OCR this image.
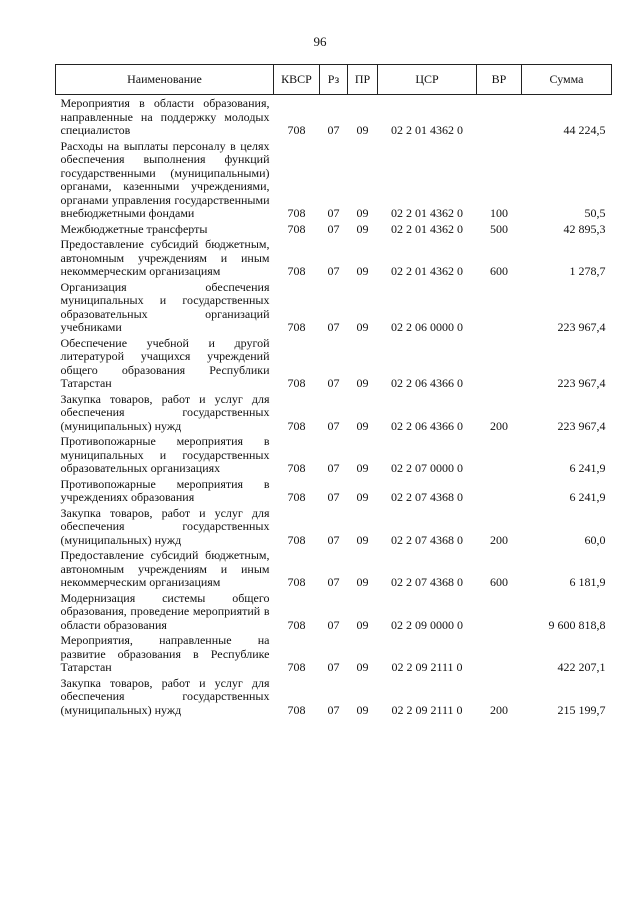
96
Наименование	КВСР	Рз	ПР	ЦСР	ВР	Сумма
Мероприятия в области образования, направленные на поддержку молодых специалистов	708	07	09	02 2 01 4362 0		44 224,5
Расходы на выплаты персоналу в целях обеспечения выполнения функций государственными (муниципальными) органами, казенными учреждениями, органами управления государственными внебюджетными фондами	708	07	09	02 2 01 4362 0	100	50,5
Межбюджетные трансферты	708	07	09	02 2 01 4362 0	500	42 895,3
Предоставление субсидий бюджетным, автономным учреждениям и иным некоммерческим организациям	708	07	09	02 2 01 4362 0	600	1 278,7
Организация обеспечения муниципальных и государственных образовательных организаций учебниками	708	07	09	02 2 06 0000 0		223 967,4
Обеспечение учебной и другой литературой учащихся учреждений общего образования Республики Татарстан	708	07	09	02 2 06 4366 0		223 967,4
Закупка товаров, работ и услуг для обеспечения государственных (муниципальных) нужд	708	07	09	02 2 06 4366 0	200	223 967,4
Противопожарные мероприятия в муниципальных и государственных образовательных организациях	708	07	09	02 2 07 0000 0		6 241,9
Противопожарные мероприятия в учреждениях образования	708	07	09	02 2 07 4368 0		6 241,9
Закупка товаров, работ и услуг для обеспечения государственных (муниципальных) нужд	708	07	09	02 2 07 4368 0	200	60,0
Предоставление субсидий бюджетным, автономным учреждениям и иным некоммерческим организациям	708	07	09	02 2 07 4368 0	600	6 181,9
Модернизация системы общего образования, проведение мероприятий в области образования	708	07	09	02 2 09 0000 0		9 600 818,8
Мероприятия, направленные на развитие образования в Республике Татарстан	708	07	09	02 2 09 2111 0		422 207,1
Закупка товаров, работ и услуг для обеспечения государственных (муниципальных) нужд	708	07	09	02 2 09 2111 0	200	215 199,7
